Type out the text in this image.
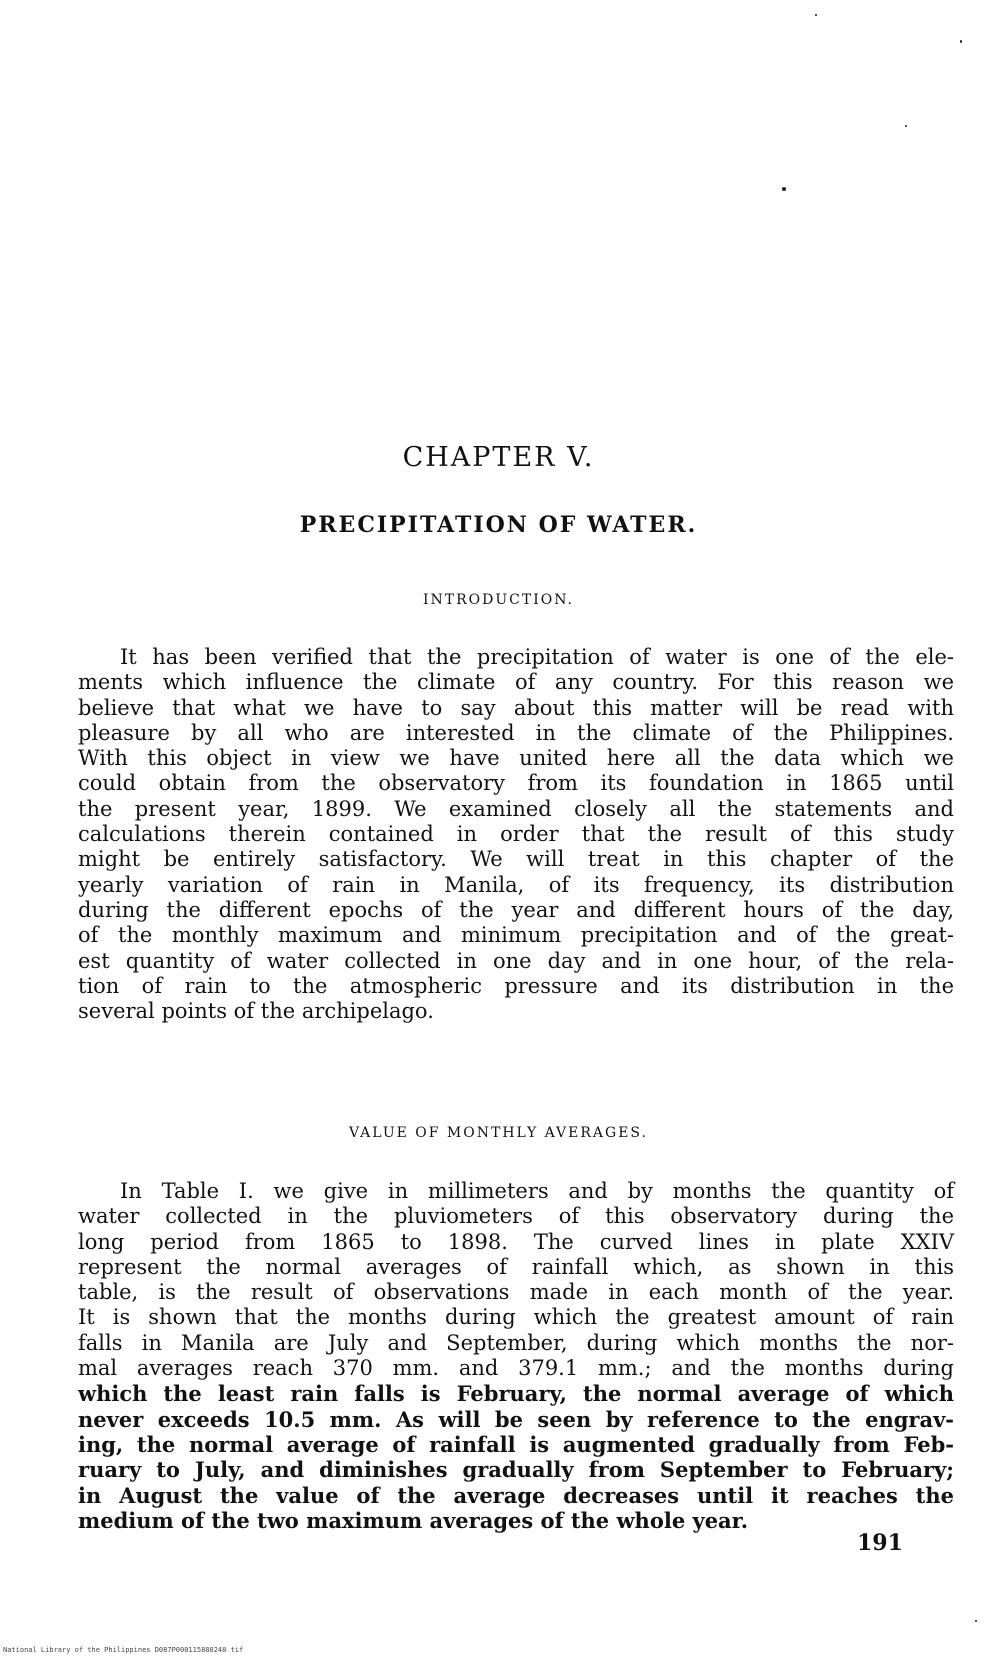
CHAPTER V.
PRECIPITATION OF WATER.
INTRODUCTION.

It has been verified that the precipitation of water is one of the ele-
ments which influence the climate of any country. For this reason we
believe that what we have to say about this matter will be read with
pleasure by all who are interested in the climate of the Philippines.
With this object in view we have united here all the data which we
could obtain from the observatory from its foundation in 1865 until
the present year, 1899. We examined closely all the statements and
calculations therein contained in order that the result of this study
might be entirely satisfactory. We will treat in this chapter of the
yearly variation of rain in Manila, of its frequency, its distribution
during the different epochs of the year and different hours of the day,
of the monthly maximum and minimum precipitation and of the great-
est quantity of water collected in one day and in one hour, of the rela-
tion of rain to the atmospheric pressure and its distribution in the
several points of the archipelago.

VALUE OF MONTHLY AVERAGES.

In Table I. we give in millimeters and by months the quantity of
water collected in the pluviometers of this observatory during the
long period from 1865 to 1898. The curved lines in plate XXIV
represent the normal averages of rainfall which, as shown in this
table, is the result of observations made in each month of the year.
It is shown that the months during which the greatest amount of rain
falls in Manila are July and September, during which months the nor-
mal averages reach 370 mm. and 379.1 mm.; and the months during
which the least rain falls is February, the normal average of which
never exceeds 10.5 mm. As will be seen by reference to the engrav-
ing, the normal average of rainfall is augmented gradually from Feb-
ruary to July, and diminishes gradually from September to February;
in August the value of the average decreases until it reaches the
medium of the two maximum averages of the whole year.

191
National Library of the Philippines D087P000115880248 tif
